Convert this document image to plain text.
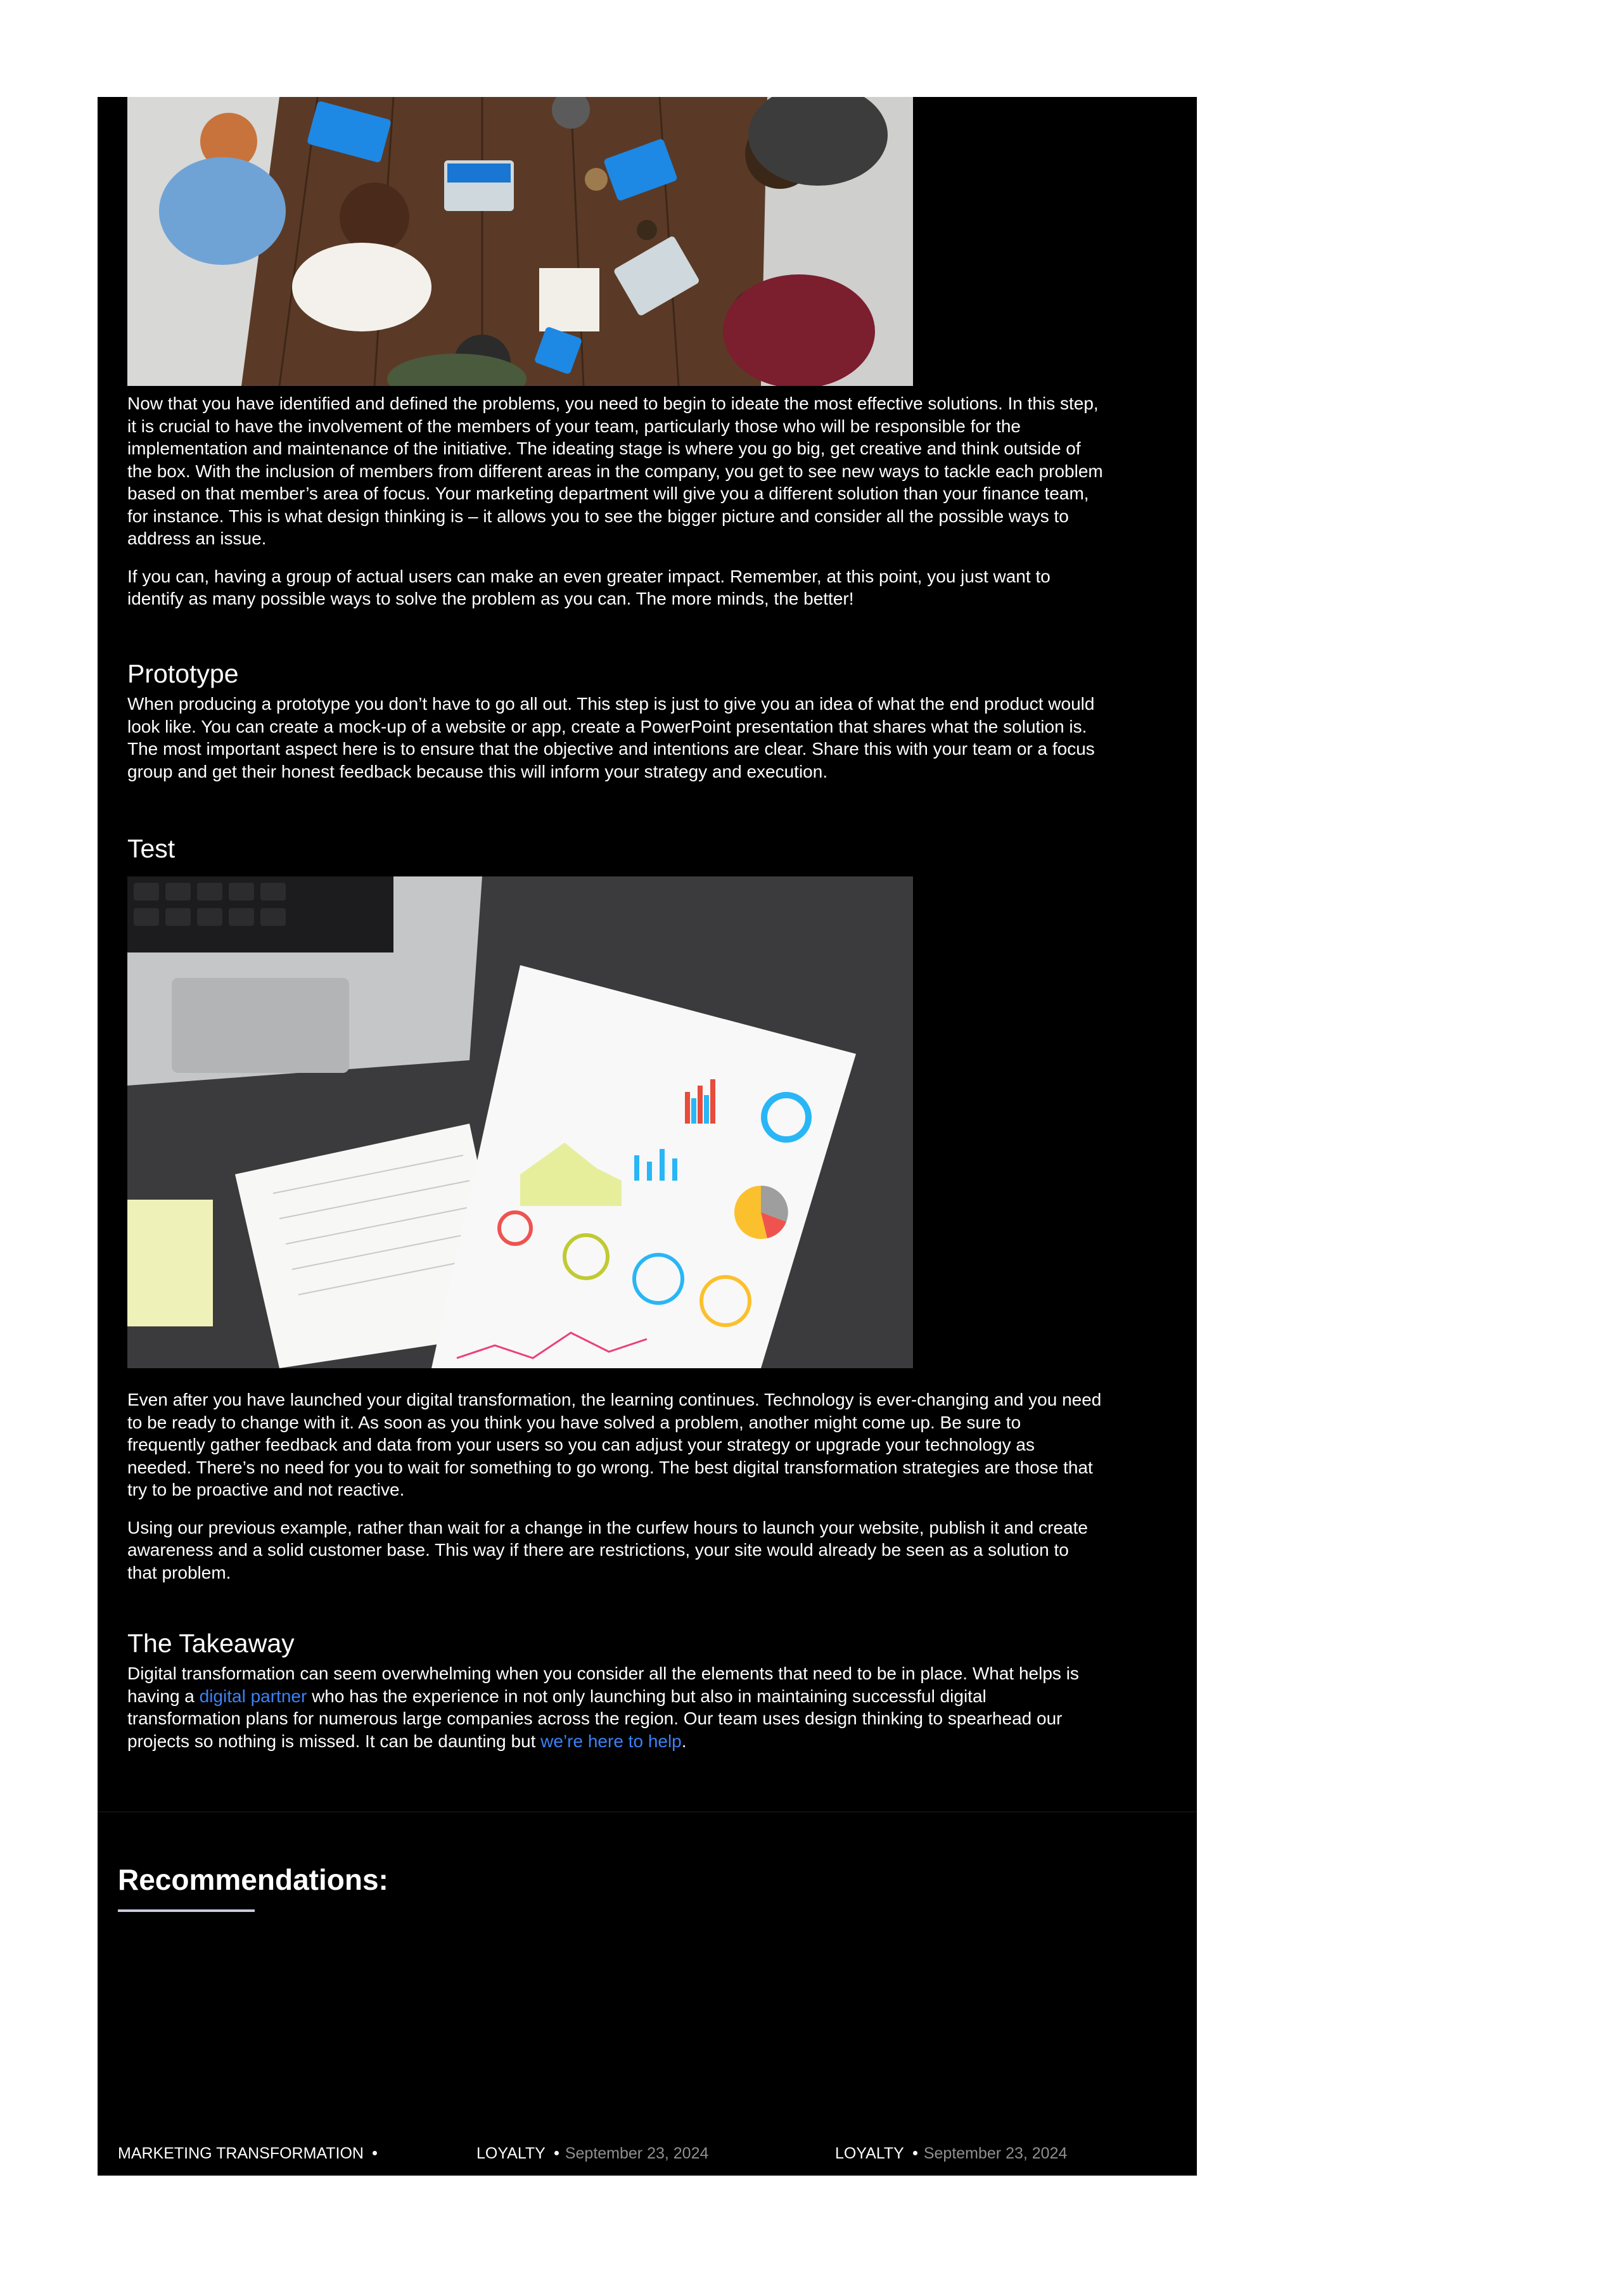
Now that you have identified and defined the problems, you need to begin to ideate the most effective solutions. In this step, it is crucial to have the involvement of the members of your team, particularly those who will be responsible for the implementation and maintenance of the initiative. The ideating stage is where you go big, get creative and think outside of the box. With the inclusion of members from different areas in the company, you get to see new ways to tackle each problem based on that member’s area of focus. Your marketing department will give you a different solution than your finance team, for instance. This is what design thinking is – it allows you to see the bigger picture and consider all the possible ways to address an issue.

If you can, having a group of actual users can make an even greater impact. Remember, at this point, you just want to identify as many possible ways to solve the problem as you can. The more minds, the better!

Prototype

When producing a prototype you don’t have to go all out. This step is just to give you an idea of what the end product would look like. You can create a mock-up of a website or app, create a PowerPoint presentation that shares what the solution is. The most important aspect here is to ensure that the objective and intentions are clear. Share this with your team or a focus group and get their honest feedback because this will inform your strategy and execution.

Test

Even after you have launched your digital transformation, the learning continues. Technology is ever-changing and you need to be ready to change with it. As soon as you think you have solved a problem, another might come up. Be sure to frequently gather feedback and data from your users so you can adjust your strategy or upgrade your technology as needed. There’s no need for you to wait for something to go wrong. The best digital transformation strategies are those that try to be proactive and not reactive.

Using our previous example, rather than wait for a change in the curfew hours to launch your website, publish it and create awareness and a solid customer base. This way if there are restrictions, your site would already be seen as a solution to that problem.

The Takeaway

Digital transformation can seem overwhelming when you consider all the elements that need to be in place. What helps is having a digital partner who has the experience in not only launching but also in maintaining successful digital transformation plans for numerous large companies across the region. Our team uses design thinking to spearhead our projects so nothing is missed. It can be daunting but we’re here to help.

Recommendations:
MARKETING TRANSFORMATION	LOYALTY September 23, 2024	LOYALTY September 23, 2024
